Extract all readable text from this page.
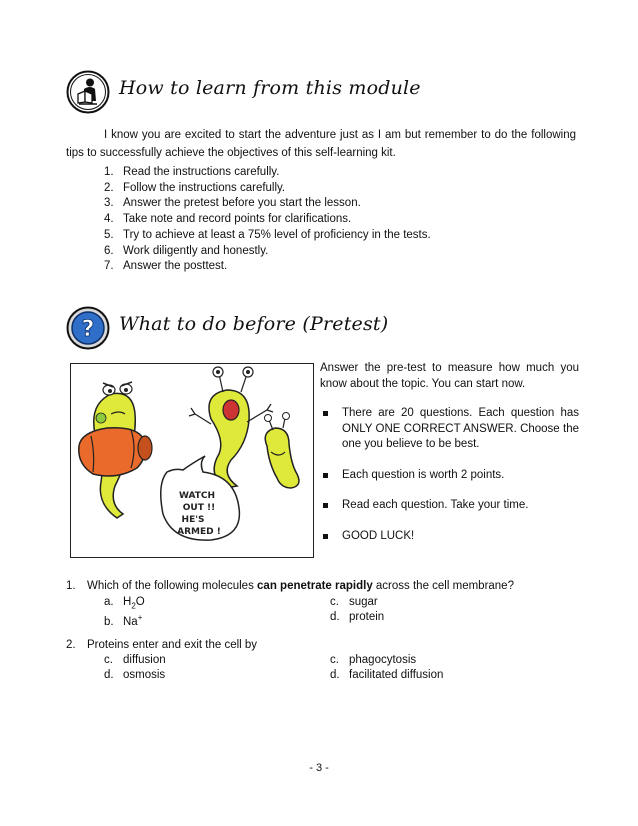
How to learn from this module
I know you are excited to start the adventure just as I am but remember to do the following tips to successfully achieve the objectives of this self-learning kit.
1. Read the instructions carefully.
2. Follow the instructions carefully.
3. Answer the pretest before you start the lesson.
4. Take note and record points for clarifications.
5. Try to achieve at least a 75% level of proficiency in the tests.
6. Work diligently and honestly.
7. Answer the posttest.
? What to do before (Pretest)
WATCH
OUT !!
HE'S
ARMED !
Answer the pre-test to measure how much you know about the topic. You can start now.
There are 20 questions. Each question has ONLY ONE CORRECT ANSWER. Choose the one you believe to be best.
Each question is worth 2 points.
Read each question. Take your time.
GOOD LUCK!
1. Which of the following molecules can penetrate rapidly across the cell membrane?
a. $H_2O$
b. Na+
c. sugar
d. protein
2. Proteins enter and exit the cell by
c. diffusion
d. osmosis
c. phagocytosis
d. facilitated diffusion
- 3 -
